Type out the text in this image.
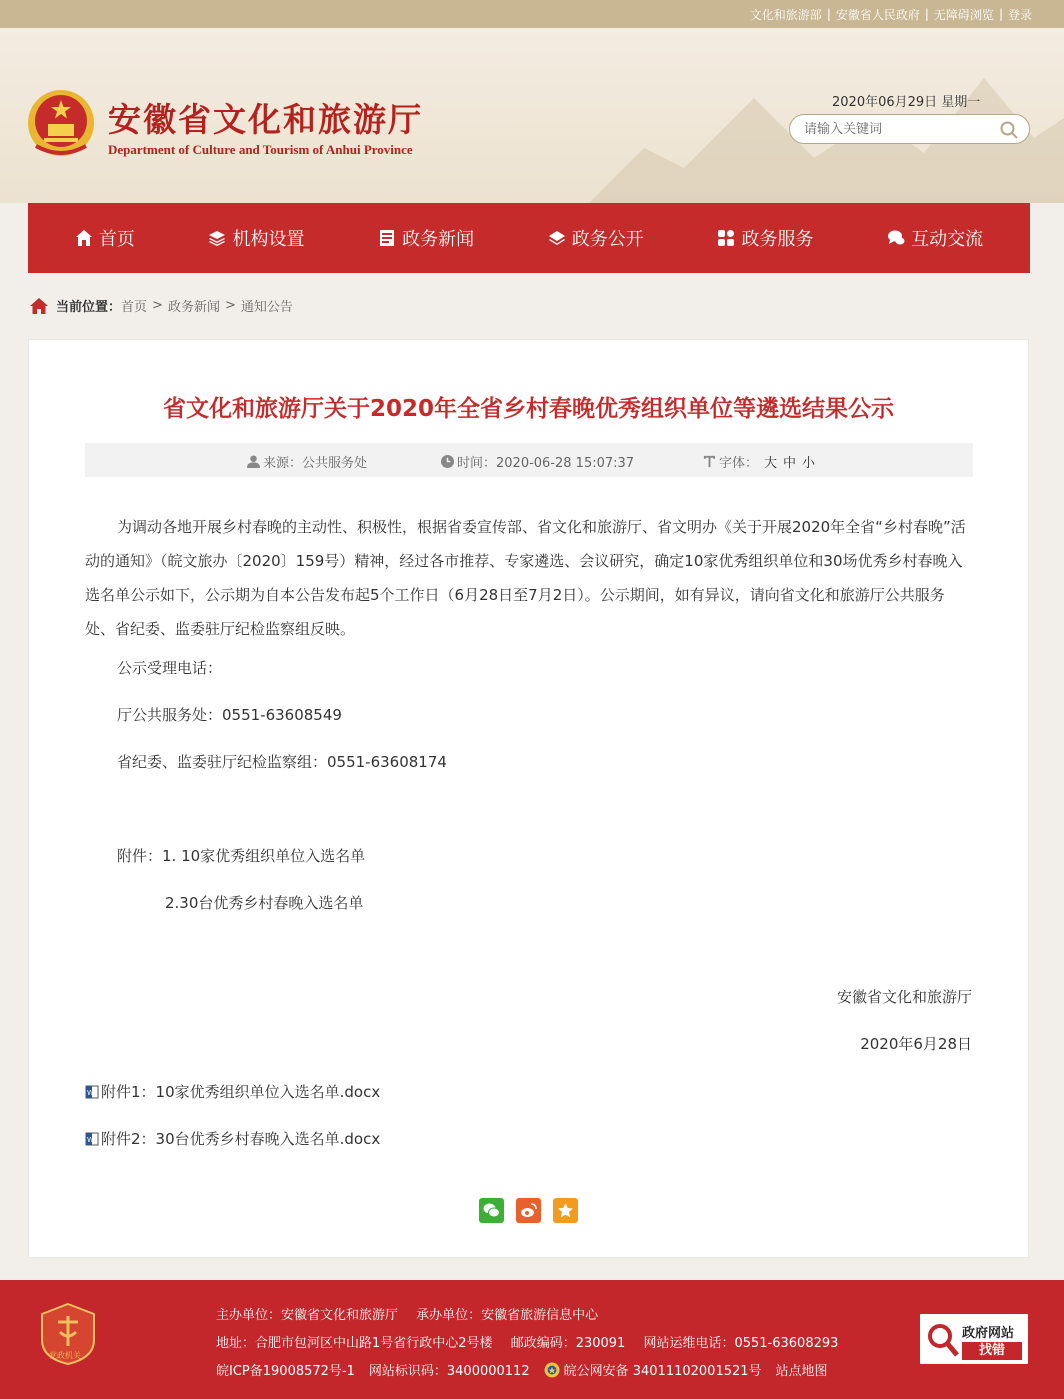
文化和旅游部 | 安徽省人民政府 | 无障碍浏览 | 登录
安徽省文化和旅游厅
Department of Culture and Tourism of Anhui Province
2020年06月29日 星期一
请输入关键词
首页	机构设置	政务新闻	政务公开	政务服务	互动交流
当前位置： 首页 > 政务新闻 > 通知公告
省文化和旅游厅关于2020年全省乡村春晚优秀组织单位等遴选结果公示
来源：公共服务处	时间：2020-06-28 15:07:37	字体： 大 中 小

为调动各地开展乡村春晚的主动性、积极性，根据省委宣传部、省文化和旅游厅、省文明办《关于开展2020年全省“乡村春晚”活动的通知》（皖文旅办〔2020〕159号）精神，经过各市推荐、专家遴选、会议研究，确定10家优秀组织单位和30场优秀乡村春晚入选名单公示如下，公示期为自本公告发布起5个工作日（6月28日至7月2日）。公示期间，如有异议，请向省文化和旅游厅公共服务处、省纪委、监委驻厅纪检监察组反映。

公示受理电话：
厅公共服务处：0551-63608549
省纪委、监委驻厅纪检监察组：0551-63608174
附件：1. 10家优秀组织单位入选名单
2.30台优秀乡村春晚入选名单
安徽省文化和旅游厅
2020年6月28日
W 附件1：10家优秀组织单位入选名单.docx
W 附件2：30台优秀乡村春晚入选名单.docx
党政机关
主办单位：安徽省文化和旅游厅 承办单位：安徽省旅游信息中心
地址：合肥市包河区中山路1号省行政中心2号楼 邮政编码：230091 网站运维电话：0551-63608293
皖ICP备19008572号-1	网站标识码：3400000112	皖公网安备 34011102001521号	站点地图
政府网站
找错
